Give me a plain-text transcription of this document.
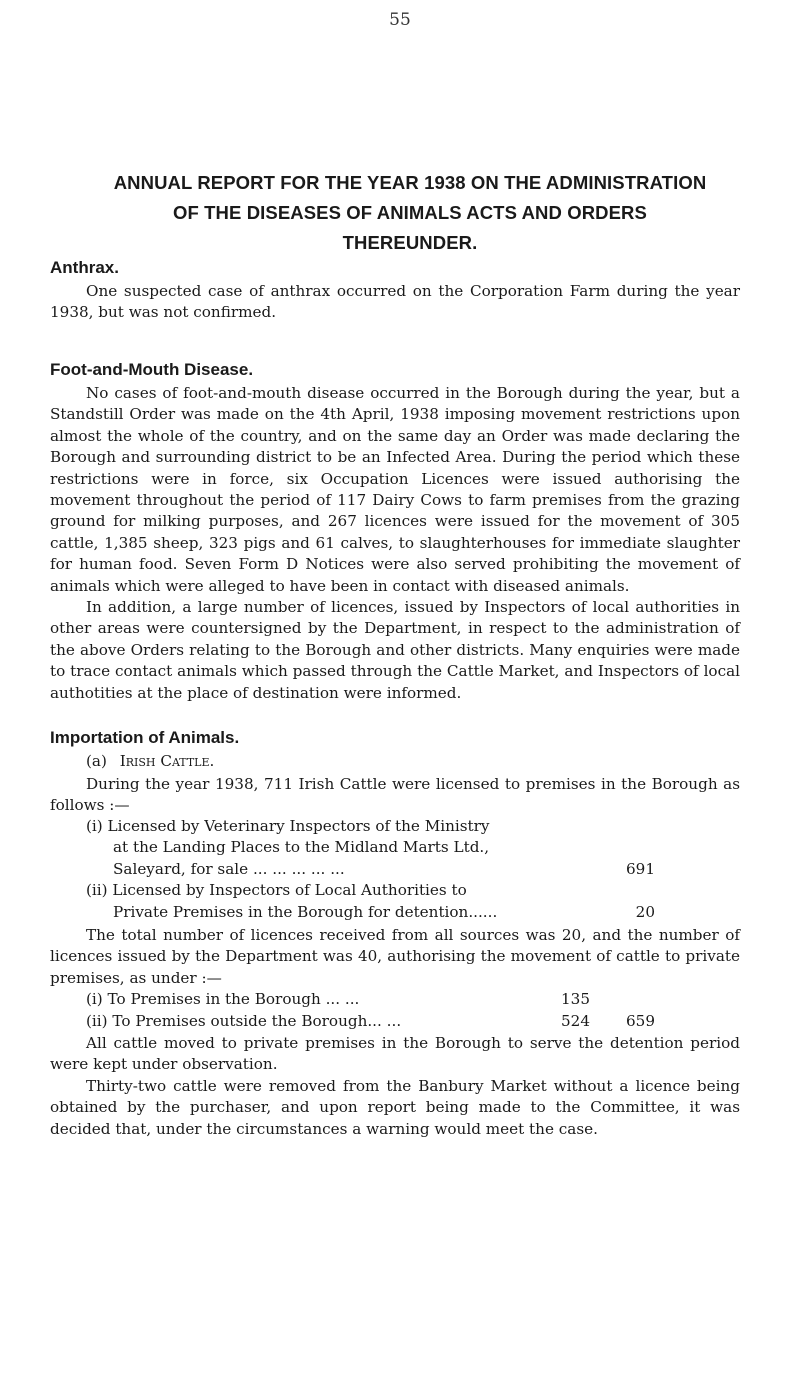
55
ANNUAL REPORT FOR THE YEAR 1938 ON THE ADMINISTRATION
OF THE DISEASES OF ANIMALS ACTS AND ORDERS
THEREUNDER.
Anthrax.
One suspected case of anthrax occurred on the Corporation Farm during the year 1938, but was not confirmed.
Foot-and-Mouth Disease.
No cases of foot-and-mouth disease occurred in the Borough during the year, but a Standstill Order was made on the 4th April, 1938 imposing movement restrictions upon almost the whole of the country, and on the same day an Order was made declaring the Borough and surrounding district to be an Infected Area. During the period which these restrictions were in force, six Occupation Licences were issued authorising the movement throughout the period of 117 Dairy Cows to farm premises from the grazing ground for milking purposes, and 267 licences were issued for the movement of 305 cattle, 1,385 sheep, 323 pigs and 61 calves, to slaughterhouses for immediate slaughter for human food. Seven Form D Notices were also served prohibiting the movement of animals which were alleged to have been in contact with diseased animals.
In addition, a large number of licences, issued by Inspectors of local authorities in other areas were countersigned by the Department, in respect to the administration of the above Orders relating to the Borough and other districts. Many enquiries were made to trace contact animals which passed through the Cattle Market, and Inspectors of local authotities at the place of destination were informed.
Importation of Animals.
(a) Irish Cattle.
During the year 1938, 711 Irish Cattle were licensed to premises in the Borough as follows :—
(i) Licensed by Veterinary Inspectors of the Ministry
at the Landing Places to the Midland Marts Ltd.,
Saleyard, for sale ... ... ... ... ...	691
(ii) Licensed by Inspectors of Local Authorities to
Private Premises in the Borough for detention......	20
The total number of licences received from all sources was 20, and the number of licences issued by the Department was 40, authorising the movement of cattle to private premises, as under :—
(i) To Premises in the Borough ... ...	135
(ii) To Premises outside the Borough... ...	524	659
All cattle moved to private premises in the Borough to serve the detention period were kept under observation.
Thirty-two cattle were removed from the Banbury Market without a licence being obtained by the purchaser, and upon report being made to the Committee, it was decided that, under the circumstances a warning would meet the case.
